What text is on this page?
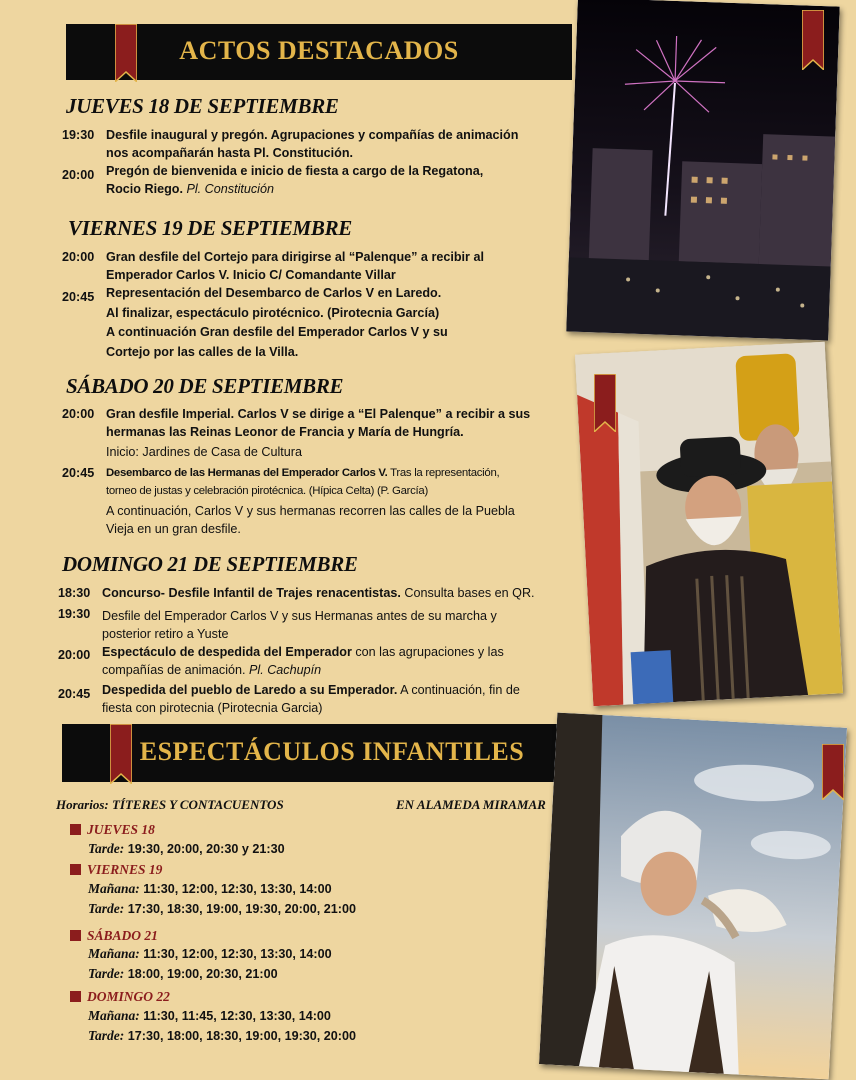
ACTOS DESTACADOS
JUEVES 18 DE SEPTIEMBRE
19:30 Desfile inaugural y pregón. Agrupaciones y compañías de animación
nos acompañarán hasta Pl. Constitución.
20:00 Pregón de bienvenida e inicio de fiesta a cargo de la Regatona,
Rocio Riego. Pl. Constitución
VIERNES 19 DE SEPTIEMBRE
20:00 Gran desfile del Cortejo para dirigirse al “Palenque” a recibir al
Emperador Carlos V. Inicio C/ Comandante Villar
20:45 Representación del Desembarco de Carlos V en Laredo.
Al finalizar, espectáculo pirotécnico. (Pirotecnia García)
A continuación Gran desfile del Emperador Carlos V y su
Cortejo por las calles de la Villa.
SÁBADO 20 DE SEPTIEMBRE
20:00 Gran desfile Imperial. Carlos V se dirige a “El Palenque” a recibir a sus
hermanas las Reinas Leonor de Francia y María de Hungría.
Inicio: Jardines de Casa de Cultura
20:45 Desembarco de las Hermanas del Emperador Carlos V. Tras la representación,
torneo de justas y celebración pirotécnica. (Hípica Celta) (P. García)
A continuación, Carlos V y sus hermanas recorren las calles de la Puebla
Vieja en un gran desfile.
DOMINGO 21 DE SEPTIEMBRE
18:30 Concurso- Desfile Infantil de Trajes renacentistas. Consulta bases en QR.
19:30 Desfile del Emperador Carlos V y sus Hermanas antes de su marcha y
posterior retiro a Yuste
20:00 Espectáculo de despedida del Emperador con las agrupaciones y las
compañías de animación. Pl. Cachupín
20:45 Despedida del pueblo de Laredo a su Emperador. A continuación, fin de
fiesta con pirotecnia (Pirotecnia Garcia)
ESPECTÁCULOS INFANTILES
Horarios: TÍTERES Y CONTACUENTOS	EN ALAMEDA MIRAMAR
JUEVES 18
Tarde: 19:30, 20:00, 20:30 y 21:30
VIERNES 19
Mañana: 11:30, 12:00, 12:30, 13:30, 14:00
Tarde: 17:30, 18:30, 19:00, 19:30, 20:00, 21:00
SÁBADO 21
Mañana: 11:30, 12:00, 12:30, 13:30, 14:00
Tarde: 18:00, 19:00, 20:30, 21:00
DOMINGO 22
Mañana: 11:30, 11:45, 12:30, 13:30, 14:00
Tarde: 17:30, 18:00, 18:30, 19:00, 19:30, 20:00
